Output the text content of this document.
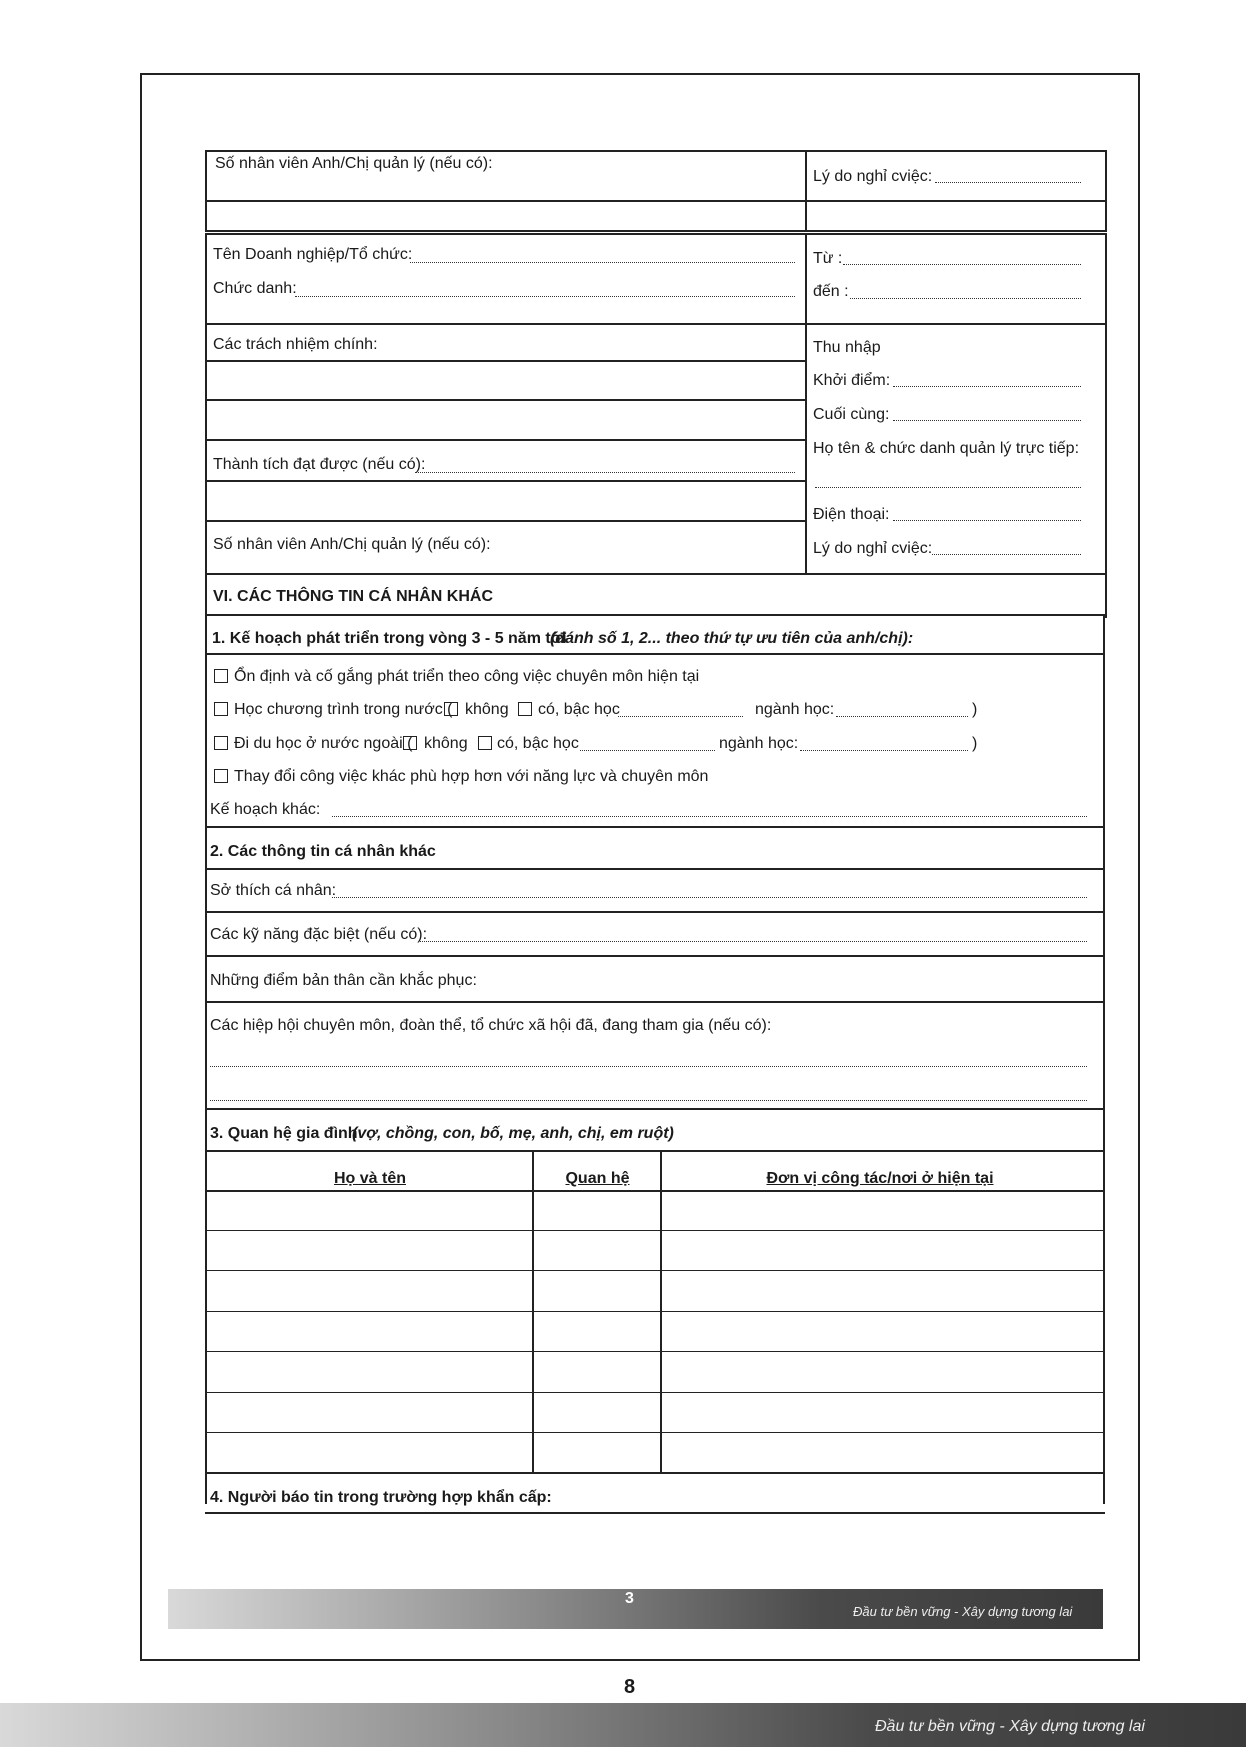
Số nhân viên Anh/Chị quản lý (nếu có):
Lý do nghỉ cviệc:
Tên Doanh nghiệp/Tổ chức:
Chức danh:
Từ :
đến :
Các trách nhiệm chính:
Thành tích đạt được (nếu có):
Số nhân viên Anh/Chị quản lý (nếu có):
Thu nhập
Khởi điểm:
Cuối cùng:
Họ tên & chức danh quản lý trực tiếp:
Điện thoại:
Lý do nghỉ cviệc:
VI. CÁC THÔNG TIN CÁ NHÂN KHÁC
1. Kế hoạch phát triển trong vòng 3 - 5 năm tới
(đánh số 1, 2... theo thứ tự ưu tiên của anh/chị):
Ổn định và cố gắng phát triển theo công việc chuyên môn hiện tại
Học chương trình trong nước ( không có, bậc học	ngành học:	)
Đi du học ở nước ngoài ( không có, bậc học	ngành học:	)
Thay đổi công việc khác phù hợp hơn với năng lực và chuyên môn
Kế hoạch khác:
2. Các thông tin cá nhân khác
Sở thích cá nhân:
Các kỹ năng đặc biệt (nếu có):
Những điểm bản thân cần khắc phục:
Các hiệp hội chuyên môn, đoàn thể, tổ chức xã hội đã, đang tham gia (nếu có):
3. Quan hệ gia đình
(vợ, chồng, con, bố, mẹ, anh, chị, em ruột)
Họ và tên	Quan hệ	Đơn vị công tác/nơi ở hiện tại
4. Người báo tin trong trường hợp khẩn cấp:
3
Đầu tư bền vững - Xây dựng tương lai
8
Đầu tư bền vững - Xây dựng tương lai
